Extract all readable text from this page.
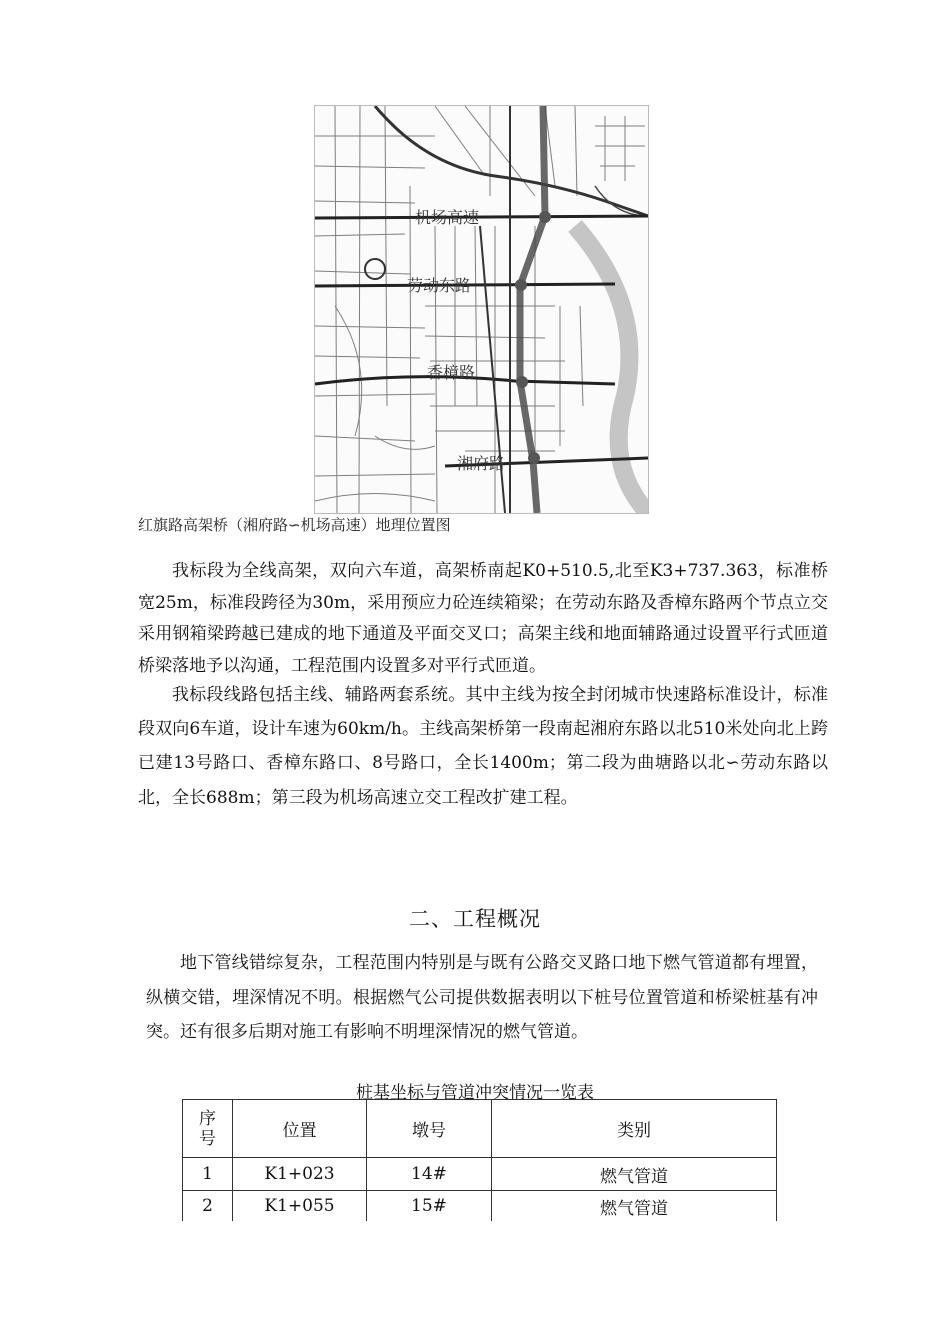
机场高速
劳动东路
香樟路
湘府路
红旗路高架桥（湘府路∽机场高速）地理位置图

我标段为全线高架，双向六车道，高架桥南起K0+510.5,北至K3+737.363，标准桥宽25m，标准段跨径为30m，采用预应力砼连续箱梁；在劳动东路及香樟东路两个节点立交采用钢箱梁跨越已建成的地下通道及平面交叉口；高架主线和地面辅路通过设置平行式匝道桥梁落地予以沟通，工程范围内设置多对平行式匝道。

我标段线路包括主线、辅路两套系统。其中主线为按全封闭城市快速路标准设计，标准段双向6车道，设计车速为60km/h。主线高架桥第一段南起湘府东路以北510米处向北上跨已建13号路口、香樟东路口、8号路口，全长1400m；第二段为曲塘路以北∽劳动东路以北，全长688m；第三段为机场高速立交工程改扩建工程。

二、工程概况

地下管线错综复杂，工程范围内特别是与既有公路交叉路口地下燃气管道都有埋置，纵横交错，埋深情况不明。根据燃气公司提供数据表明以下桩号位置管道和桥梁桩基有冲突。还有很多后期对施工有影响不明埋深情况的燃气管道。

桩基坐标与管道冲突情况一览表
序
号	位置	墩号	类别
1	K1+023	14#	燃气管道
2	K1+055	15#	燃气管道
